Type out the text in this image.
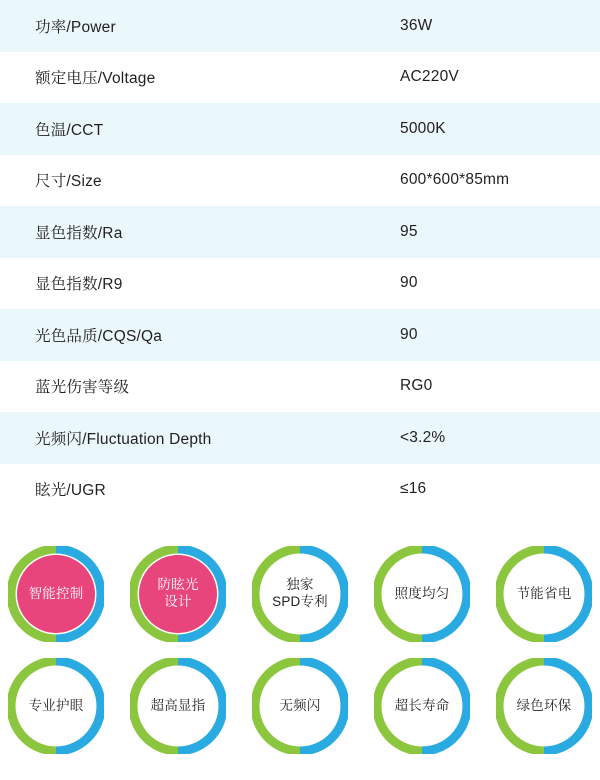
功率/Power	36W
额定电压/Voltage	AC220V
色温/CCT	5000K
尺寸/Size	600*600*85mm
显色指数/Ra	95
显色指数/R9	90
光色品质/CQS/Qa	90
蓝光伤害等级	RG0
光频闪/Fluctuation Depth	<3.2%
眩光/UGR	≤16
智能控制
防眩光
设计
独家
SPD专利
照度均匀	节能省电
专业护眼	超高显指	无频闪	超长寿命	绿色环保
